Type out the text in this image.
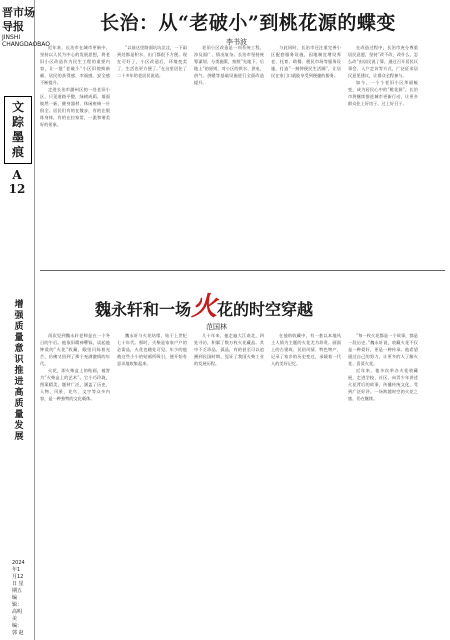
晋市场导报
JINSHI CHANGDAOBAO
文
踪
墨
痕
A 12
增
强
质
量
意
识
推
进
高
质
量
发
展
2024年1月12日 星期五 编辑：高明 美编：郭 赵
长治：从“老破小”到桃花源的蝶变
李书波

近年来，长治市在城市更新中，坚持以人民为中心的发展思想，将老旧小区改造作为民生工程的重要内容，让一批“老破小”小区旧貌换新颜，居民的获得感、幸福感、安全感不断提升。

走进长治市潞州区的一处老旧小区，只见道路平整，绿树成荫，墙面焕然一新，健身器材、休闲座椅一应俱全。居民们有的在散步，有的在锻炼身体，有的在拉家常，一派和谐美好的景象。

“以前这里路面坑坑洼洼，一下雨到处都是积水，出门都很不方便。现在可好了，小区改造后，环境变美了，生活也更方便了。”在这里居住了二十多年的老居民说道。

老旧小区改造是一项系统工程，涉及面广、情况复杂。长治市坚持统筹谋划、分类施策，按照“先地下、后地上”的原则，对小区的供水、供电、供气、供暖等基础设施进行全面改造提升。

与此同时，长治市还注重完善小区配套服务设施，因地制宜增设养老、托育、助餐、便民市场等服务设施，打造“一刻钟便民生活圈”，让居民在家门口就能享受到便捷的服务。

在改造过程中，长治市充分尊重居民意愿，坚持“改不改、改什么、怎么改”由居民说了算，通过召开居民议事会、入户走访等方式，广泛征求居民意见建议，让群众全程参与。

如今，一个个老旧小区华丽蜕变，成为居民心中的“桃花源”。长治市将继续推进城市更新行动，让更多群众住上好房子、过上好日子。

魏永轩和一场火花的时空穿越
范国林

再次见到魏永轩老师是在一个冬日的午后。他依旧精神矍铄，谈起他钟爱的“火花”收藏，眼里闪烁着光芒，仿佛又回到了那个充满激情的年代。

火花，即火柴盒上的贴画，被誉为“火柴盒上的艺术”。它小巧玲珑，图案精美，题材广泛，涵盖了历史、人物、风景、花鸟、文字等众多内容，是一种独特的文化载体。

魏永轩与火花结缘，始于上世纪七十年代。那时，火柴是家家户户的必需品，火花也随处可见。年少的他被这些小小的贴画所吸引，便开始有意识地收集起来。

几十年来，他走遍大江南北，四处寻访，积累了数万枚火花藏品。其中不乏珍品、孤品，有的甚至可以追溯到民国时期，见证了我国火柴工业的发展历程。

在他的收藏中，有一套以本地风土人情为主题的火花尤为珍贵。画面上的古建筑、民俗风情、特色物产，记录了家乡的历史变迁，承载着一代人的美好记忆。

“每一枚火花都是一个故事，都是一段历史。”魏永轩说，收藏火花不仅是一种爱好，更是一种传承。他希望通过自己的努力，让更多的人了解火花、喜爱火花。

近年来，他多次举办火花收藏展，走进学校、社区，向青少年讲述火花背后的故事，传播传统文化，受到广泛好评。一场跨越时空的火花之旅，仍在继续。
